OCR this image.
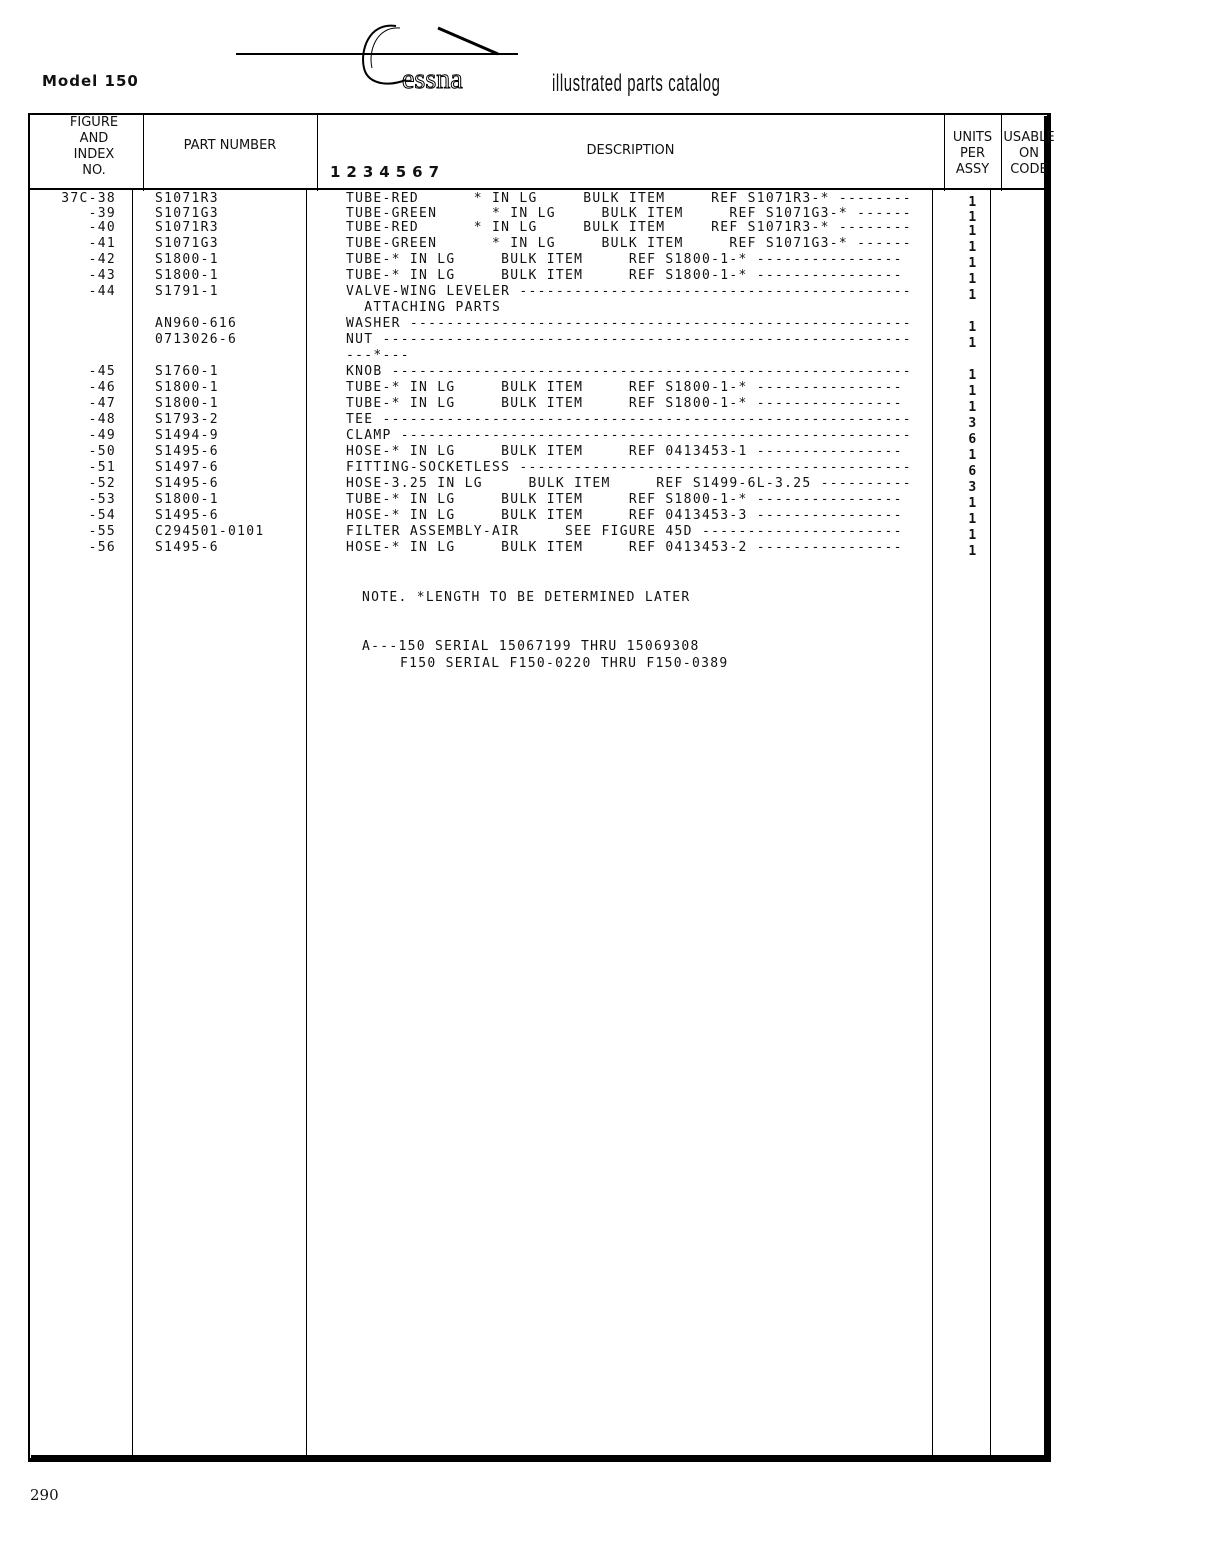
Model 150	essna	illustrated parts catalog
FIGURE
AND
INDEX
NO.
PART NUMBER	DESCRIPTION
1234567
UNITS
PER
ASSY
USABLE
ON
CODE
37C-38	S1071R3	TUBE-RED      * IN LG     BULK ITEM     REF S1071R3-* --------	1
-39	S1071G3	TUBE-GREEN      * IN LG     BULK ITEM     REF S1071G3-* ------	1
-40	S1071R3	TUBE-RED      * IN LG     BULK ITEM     REF S1071R3-* --------	1
-41	S1071G3	TUBE-GREEN      * IN LG     BULK ITEM     REF S1071G3-* ------	1
-42	S1800-1	TUBE-* IN LG     BULK ITEM     REF S1800-1-* ----------------	1
-43	S1800-1	TUBE-* IN LG     BULK ITEM     REF S1800-1-* ----------------	1
-44	S1791-1	VALVE-WING LEVELER -------------------------------------------	1
ATTACHING PARTS
AN960-616	WASHER -------------------------------------------------------	1
0713026-6	NUT ----------------------------------------------------------	1
---*---
-45	S1760-1	KNOB ---------------------------------------------------------	1
-46	S1800-1	TUBE-* IN LG     BULK ITEM     REF S1800-1-* ----------------	1
-47	S1800-1	TUBE-* IN LG     BULK ITEM     REF S1800-1-* ----------------	1
-48	S1793-2	TEE ----------------------------------------------------------	3
-49	S1494-9	CLAMP --------------------------------------------------------	6
-50	S1495-6	HOSE-* IN LG     BULK ITEM     REF 0413453-1 ----------------	1
-51	S1497-6	FITTING-SOCKETLESS -------------------------------------------	6
-52	S1495-6	HOSE-3.25 IN LG     BULK ITEM     REF S1499-6L-3.25 ----------	3
-53	S1800-1	TUBE-* IN LG     BULK ITEM     REF S1800-1-* ----------------	1
-54	S1495-6	HOSE-* IN LG     BULK ITEM     REF 0413453-3 ----------------	1
-55	C294501-0101	FILTER ASSEMBLY-AIR     SEE FIGURE 45D ----------------------	1
-56	S1495-6	HOSE-* IN LG     BULK ITEM     REF 0413453-2 ----------------	1
NOTE. *LENGTH TO BE DETERMINED LATER
A---150 SERIAL 15067199 THRU 15069308
F150 SERIAL F150-0220 THRU F150-0389
290
